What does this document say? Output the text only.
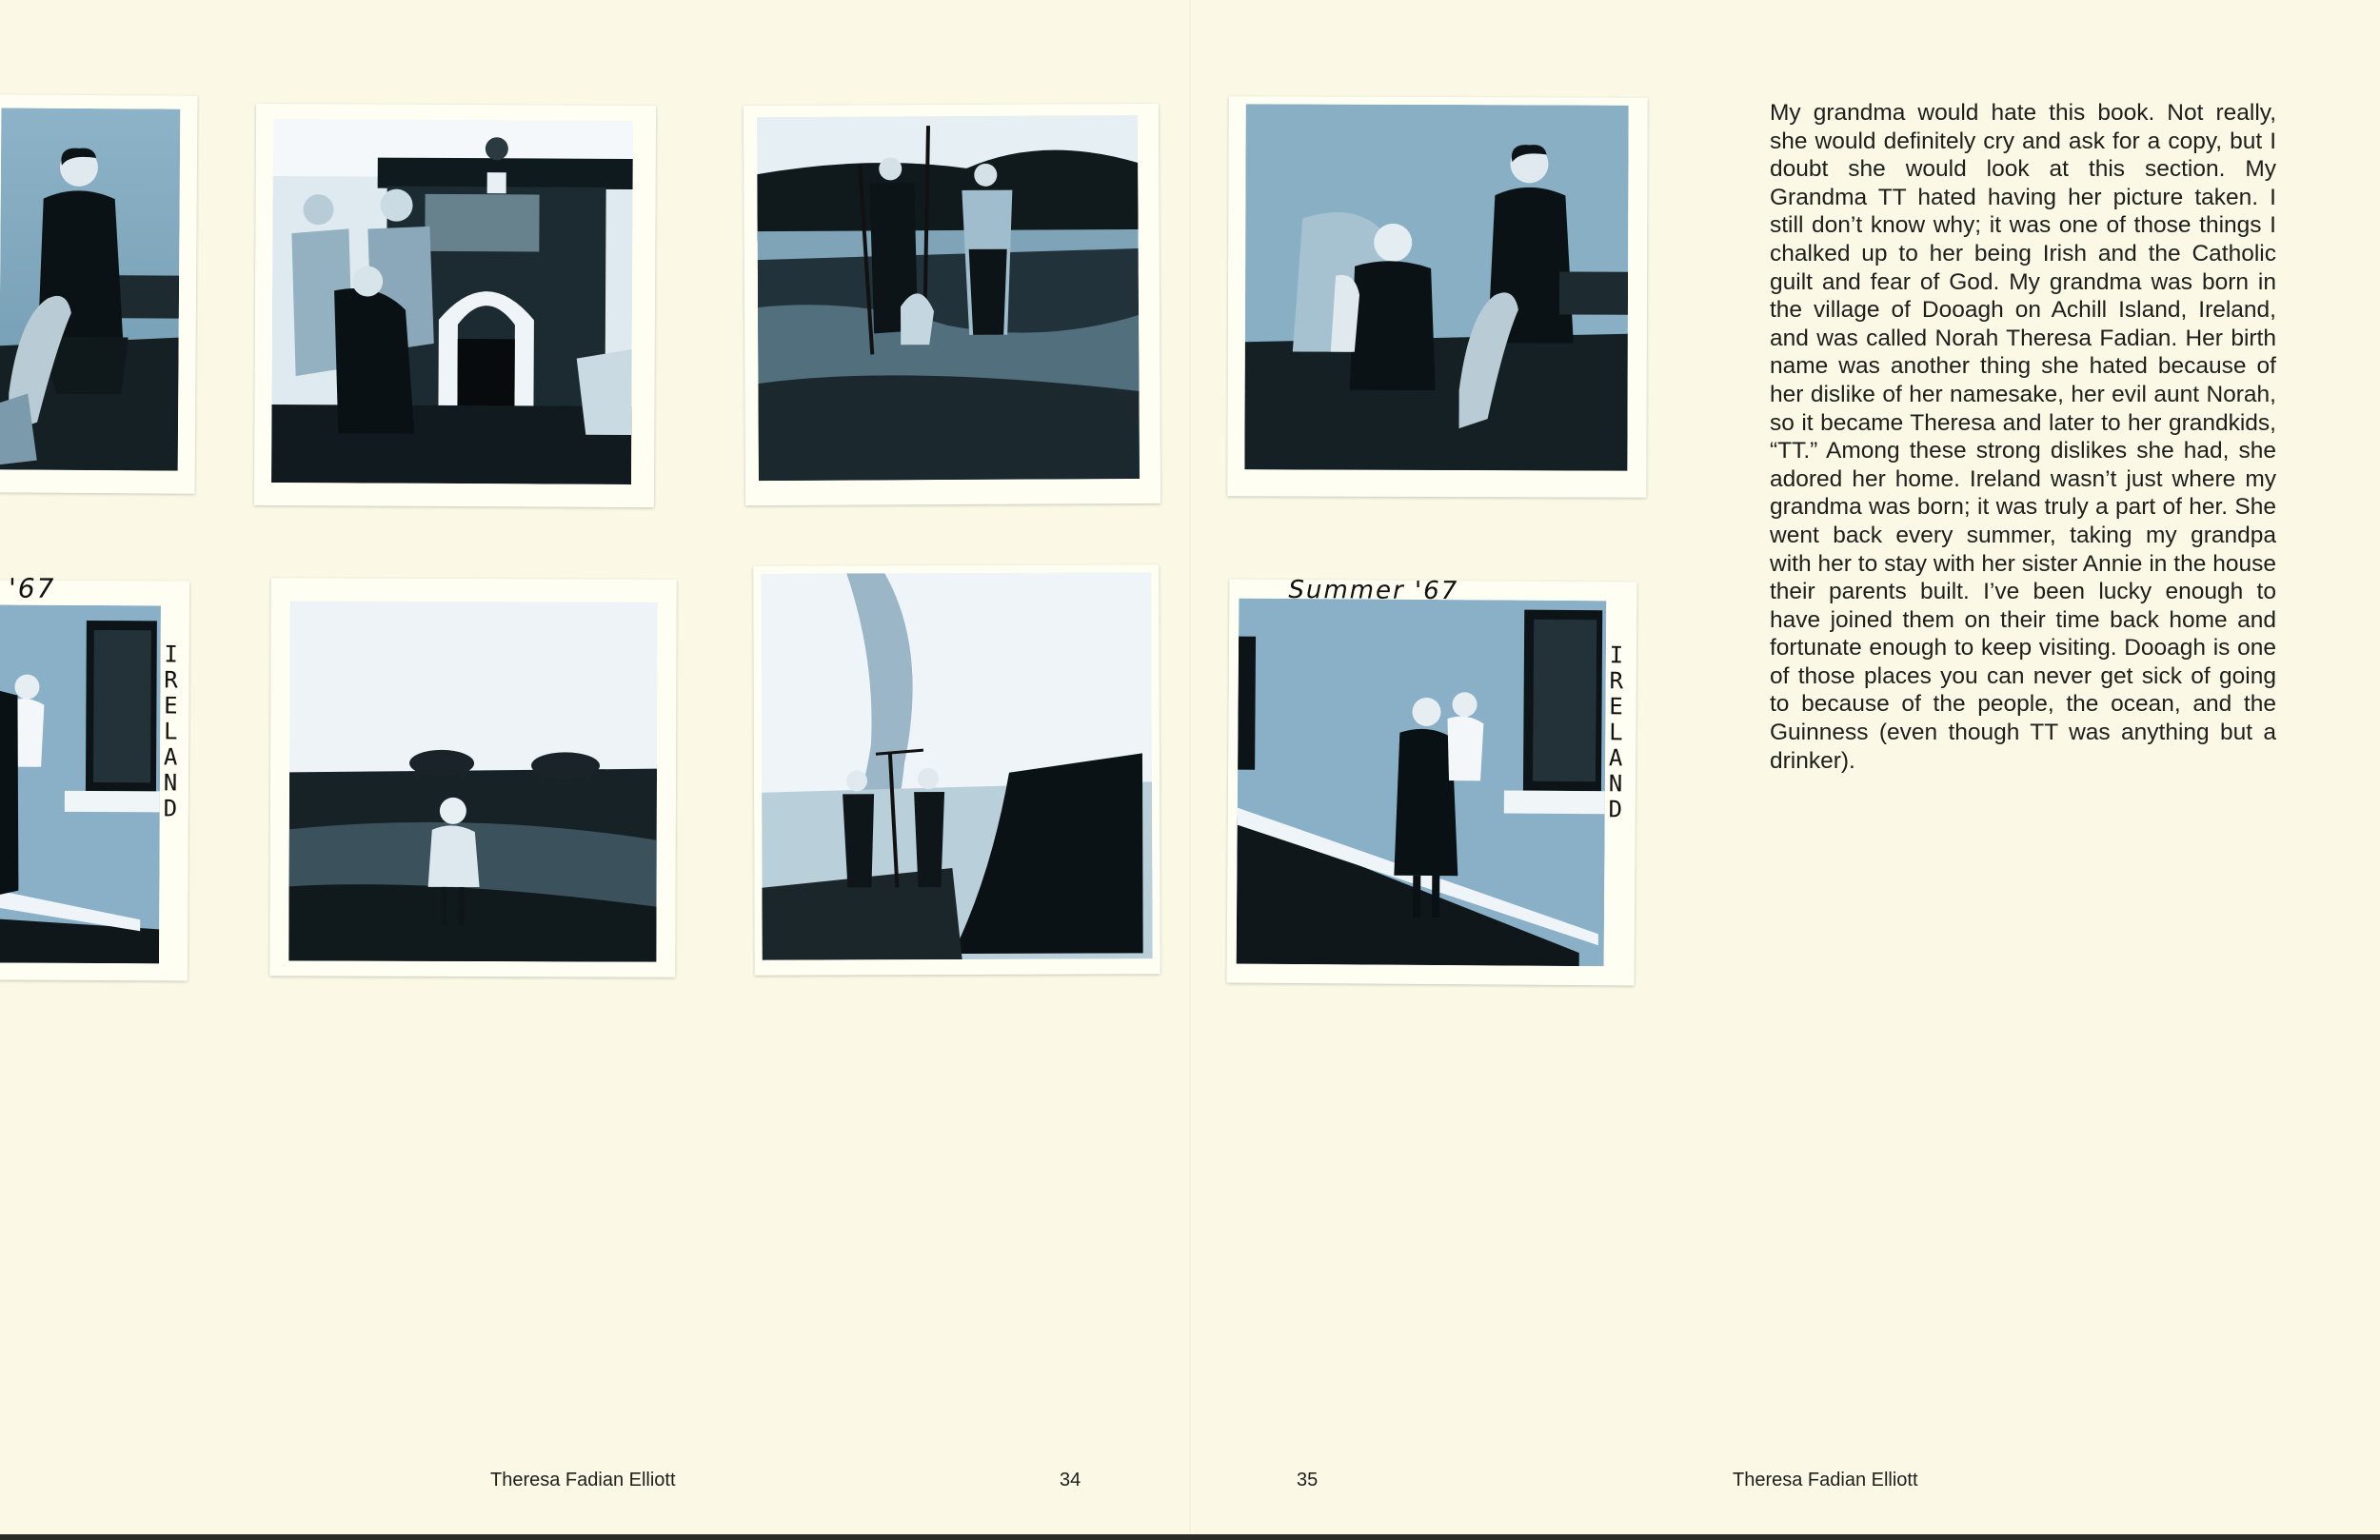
'67
I
R
E
L
A
N
D
Summer '67
I
R
E
L
A
N
D

My grandma would hate this book. Not really, she would definitely cry and ask for a copy, but I doubt she would look at this section. My Grandma TT hated having her picture taken. I still don’t know why; it was one of those things I chalked up to her being Irish and the Catholic guilt and fear of God. My grandma was born in the village of Dooagh on Achill Island, Ireland, and was called Norah Theresa Fadian. Her birth name was another thing she hated because of her dislike of her namesake, her evil aunt Norah, so it became Theresa and later to her grandkids, “TT.” Among these strong dislikes she had, she adored her home. Ireland wasn’t just where my grandma was born; it was truly a part of her. She went back every summer, taking my grandpa with her to stay with her sister Annie in the house their parents built. I’ve been lucky enough to have joined them on their time back home and fortunate enough to keep visiting. Dooagh is one of those places you can never get sick of going to because of the people, the ocean, and the Guinness (even though TT was anything but a drinker).

Theresa Fadian Elliott	34	35	Theresa Fadian Elliott
